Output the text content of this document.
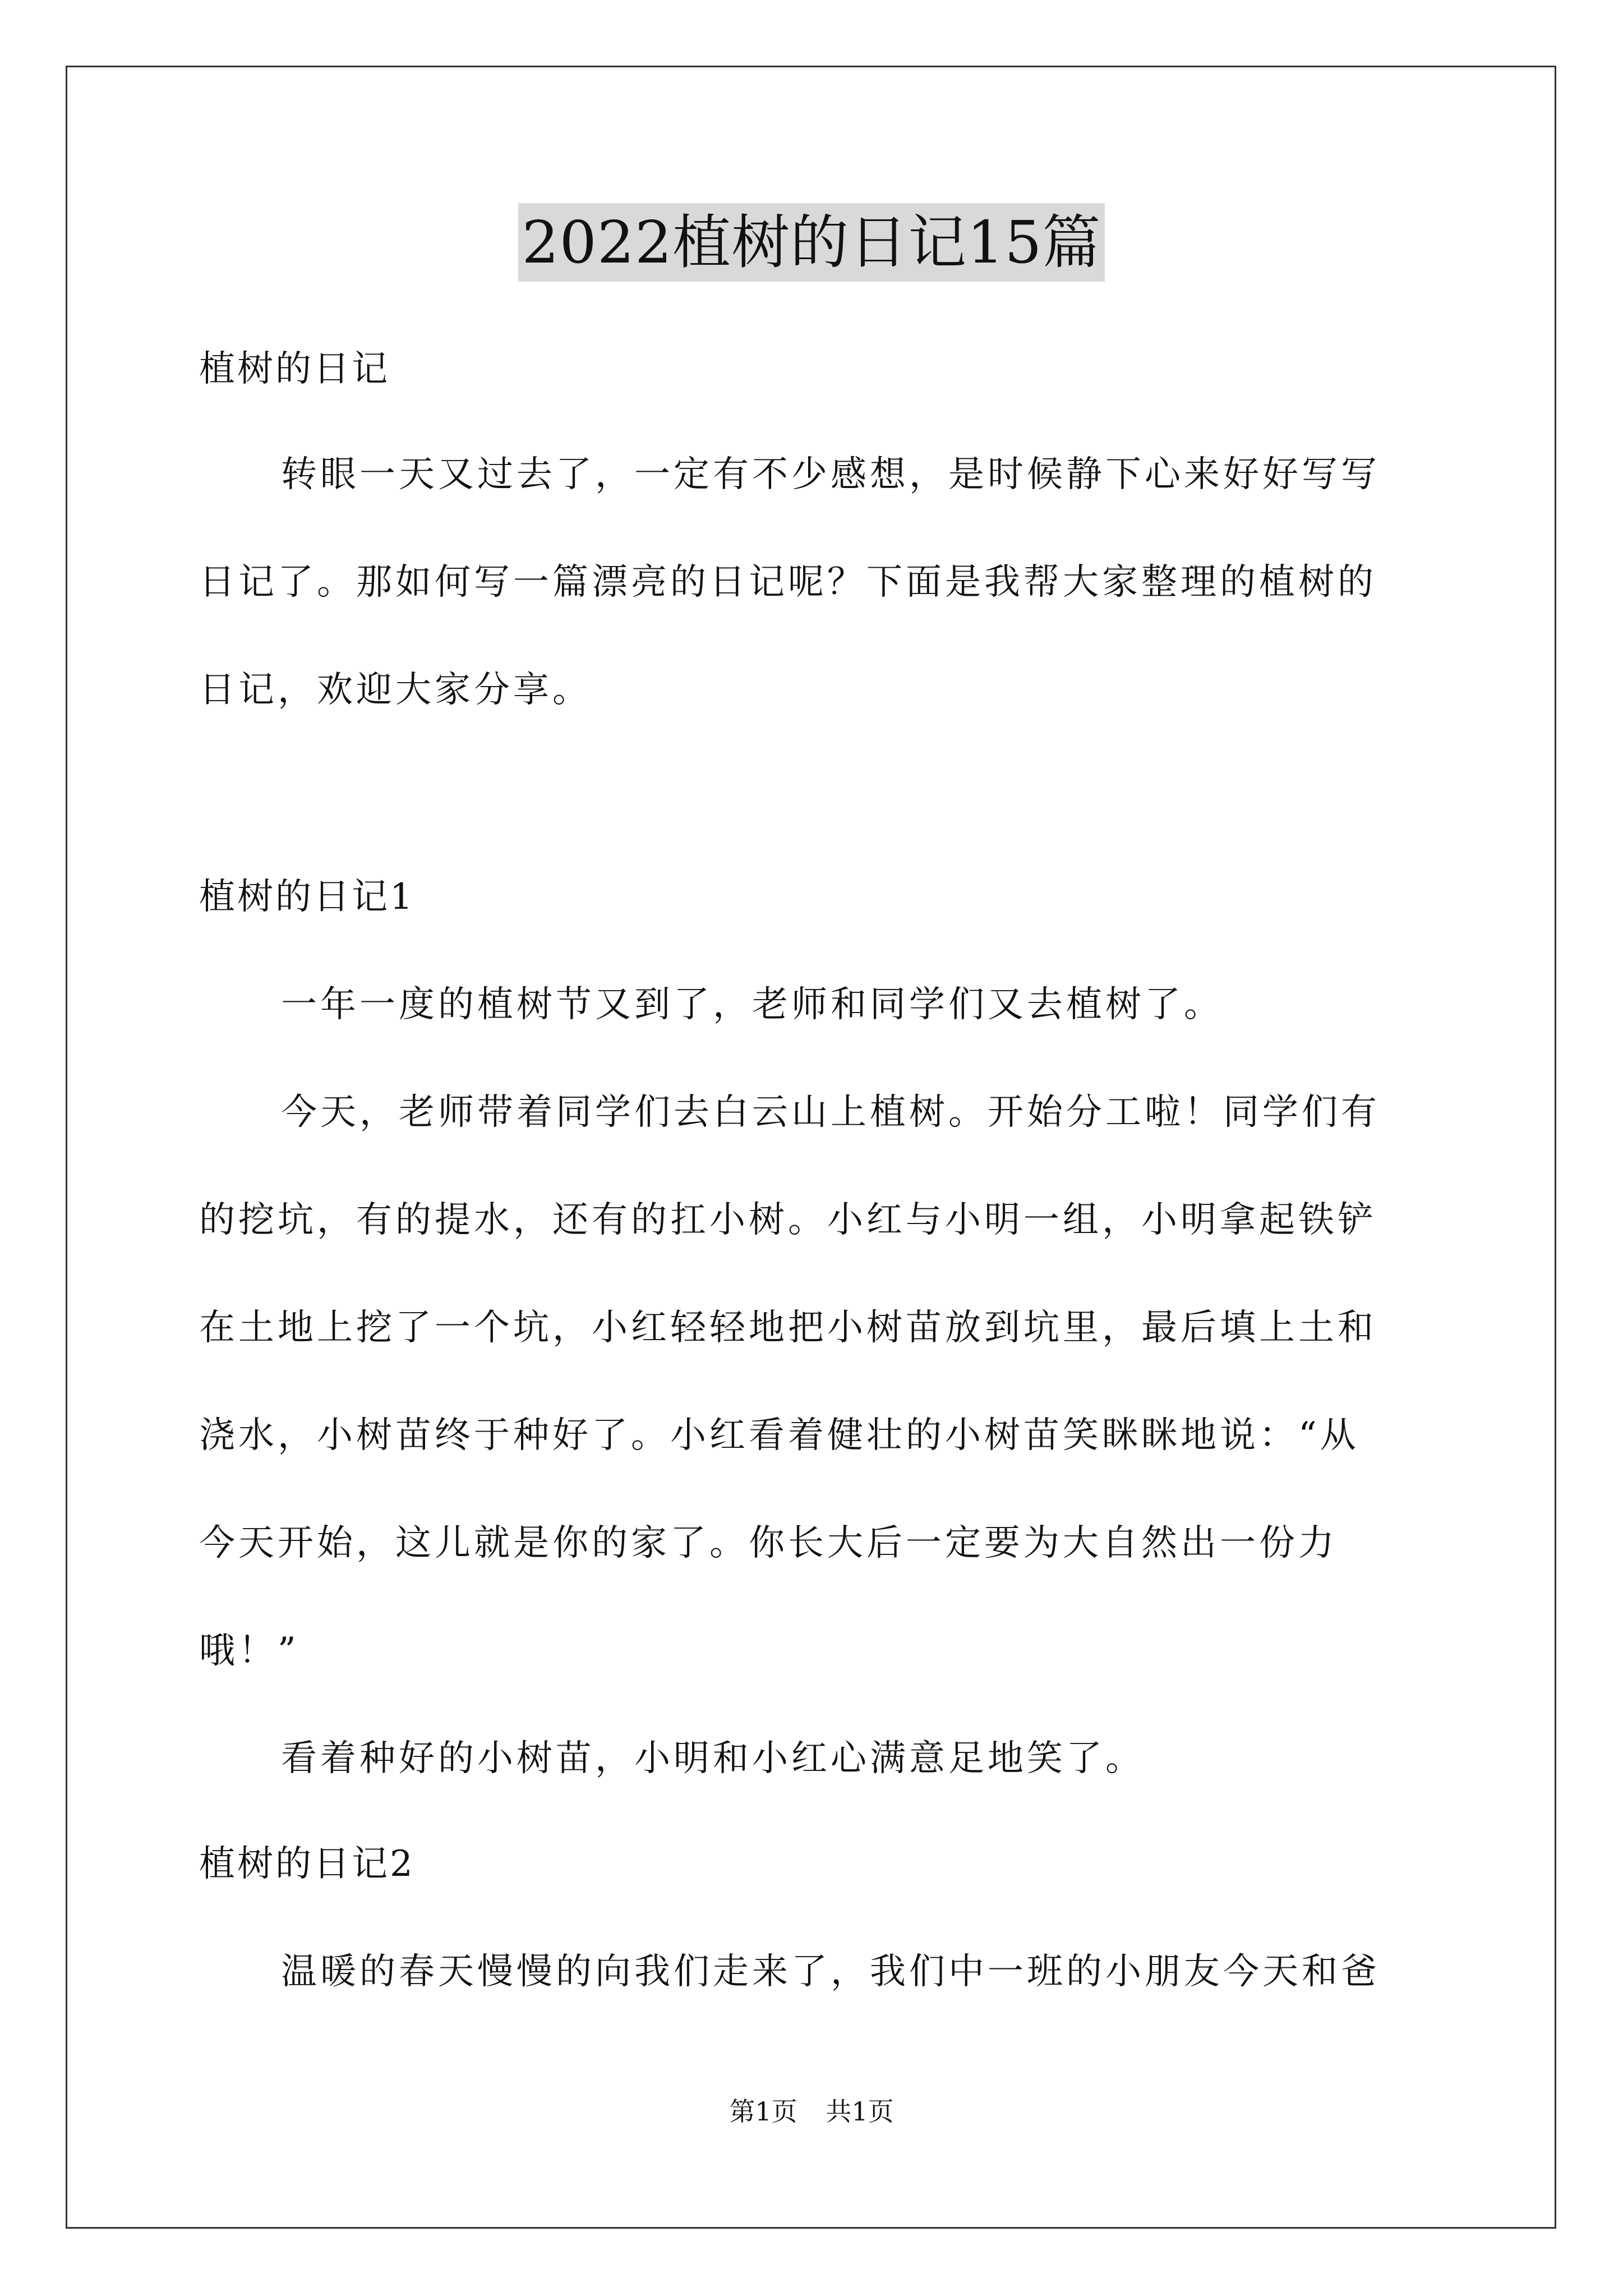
2022植树的日记15篇

植树的日记

转眼一天又过去了，一定有不少感想，是时候静下心来好好写写

日记了。那如何写一篇漂亮的日记呢？下面是我帮大家整理的植树的

日记，欢迎大家分享。

植树的日记1

一年一度的植树节又到了，老师和同学们又去植树了。

今天，老师带着同学们去白云山上植树。开始分工啦！同学们有

的挖坑，有的提水，还有的扛小树。小红与小明一组，小明拿起铁铲

在土地上挖了一个坑，小红轻轻地把小树苗放到坑里，最后填上土和

浇水，小树苗终于种好了。小红看着健壮的小树苗笑眯眯地说：“从

今天开始，这儿就是你的家了。你长大后一定要为大自然出一份力

哦！”

看着种好的小树苗，小明和小红心满意足地笑了。

植树的日记2

温暖的春天慢慢的向我们走来了，我们中一班的小朋友今天和爸

第1页 共1页
